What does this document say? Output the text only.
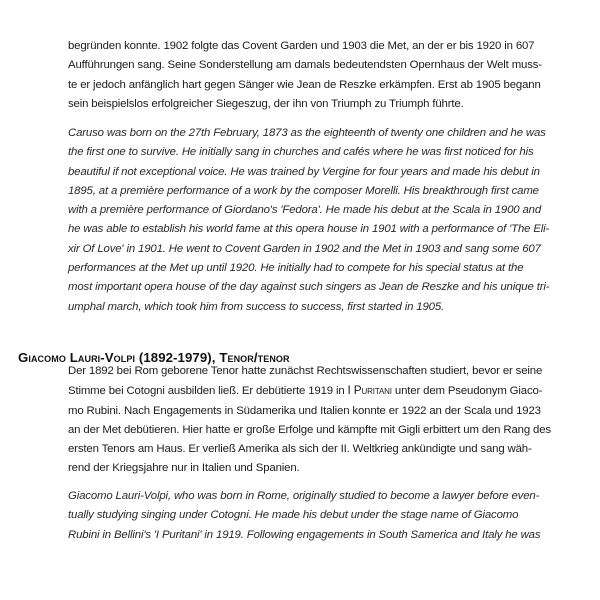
begründen konnte. 1902 folgte das Covent Garden und 1903 die Met, an der er bis 1920 in 607
Aufführungen sang. Seine Sonderstellung am damals bedeutendsten Opernhaus der Welt muss-
te er jedoch anfänglich hart gegen Sänger wie Jean de Reszke erkämpfen. Erst ab 1905 begann
sein beispielslos erfolgreicher Siegeszug, der ihn von Triumph zu Triumph führte.
Caruso was born on the 27th February, 1873 as the eighteenth of twenty one children and he was
the first one to survive. He initially sang in churches and cafés where he was first noticed for his
beautiful if not exceptional voice. He was trained by Vergine for four years and made his debut in
1895, at a première performance of a work by the composer Morelli. His breakthrough first came
with a première performance of Giordano's 'Fedora'. He made his debut at the Scala in 1900 and
he was able to establish his world fame at this opera house in 1901 with a performance of 'The Eli-
xir Of Love' in 1901. He went to Covent Garden in 1902 and the Met in 1903 and sang some 607
performances at the Met up until 1920. He initially had to compete for his special status at the
most important opera house of the day against such singers as Jean de Reszke and his unique tri-
umphal march, which took him from success to success, first started in 1905.
Giacomo Lauri-Volpi (1892-1979), Tenor/tenor
Der 1892 bei Rom geborene Tenor hatte zunächst Rechtswissenschaften studiert, bevor er seine
Stimme bei Cotogni ausbilden ließ. Er debütierte 1919 in I Puritani unter dem Pseudonym Giaco-
mo Rubini. Nach Engagements in Südamerika und Italien konnte er 1922 an der Scala und 1923
an der Met debütieren. Hier hatte er große Erfolge und kämpfte mit Gigli erbittert um den Rang des
ersten Tenors am Haus. Er verließ Amerika als sich der II. Weltkrieg ankündigte und sang wäh-
rend der Kriegsjahre nur in Italien und Spanien.
Giacomo Lauri-Volpi, who was born in Rome, originally studied to become a lawyer before even-
tually studying singing under Cotogni. He made his debut under the stage name of Giacomo
Rubini in Bellini's 'I Puritani' in 1919. Following engagements in South Samerica and Italy he was
